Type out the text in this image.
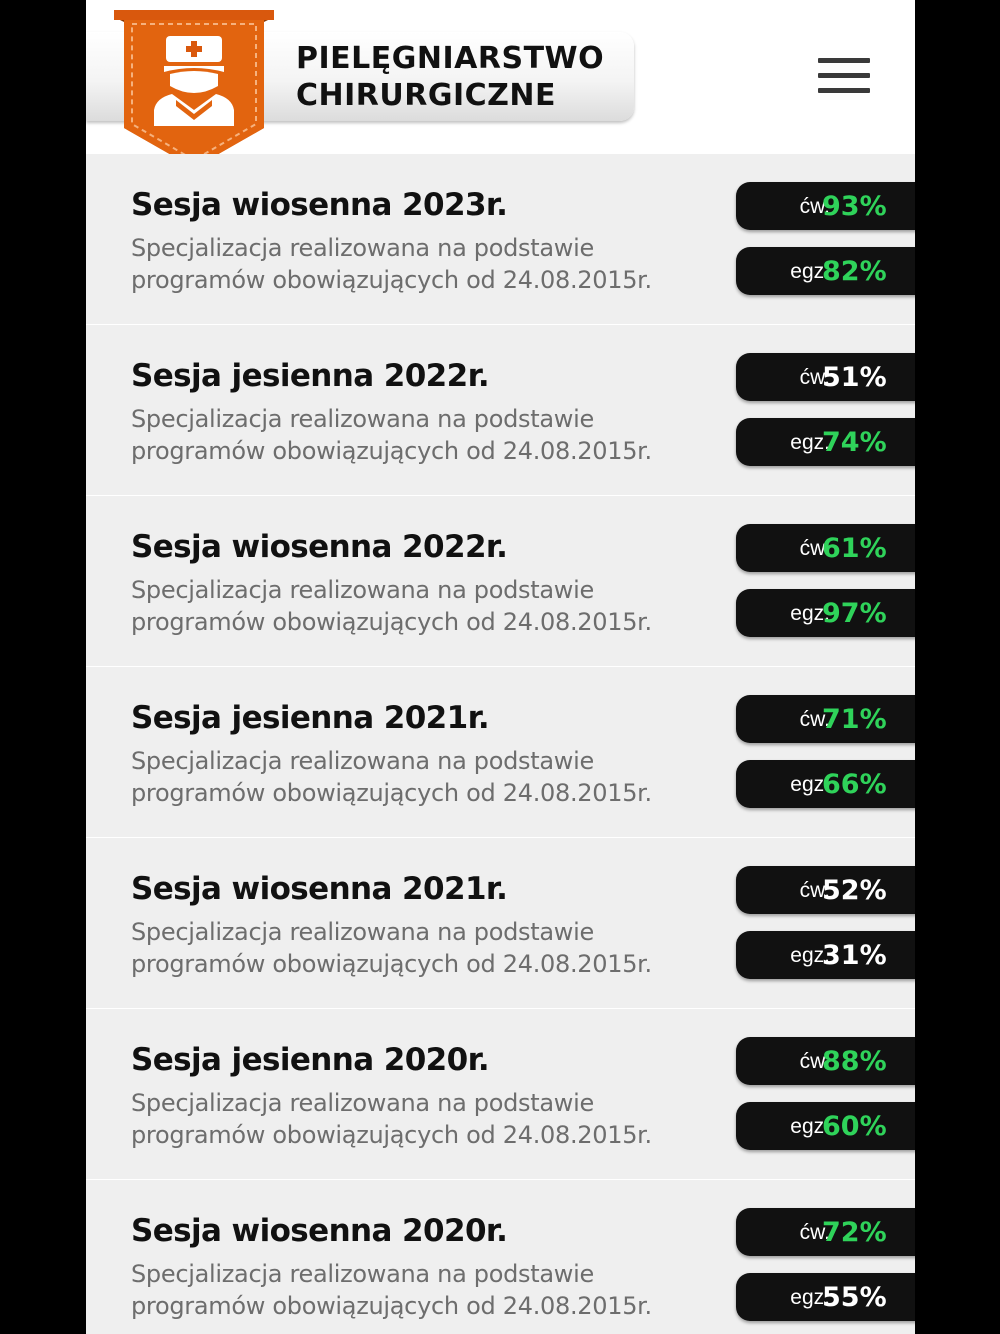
PIELĘGNIARSTWO
CHIRURGICZNE
Sesja wiosenna 2023r.

Specjalizacja realizowana na podstawie programów obowiązujących od 24.08.2015r.

ćw.
93%
egz.
82%
Sesja jesienna 2022r.

Specjalizacja realizowana na podstawie programów obowiązujących od 24.08.2015r.

ćw.
51%
egz.
74%
Sesja wiosenna 2022r.

Specjalizacja realizowana na podstawie programów obowiązujących od 24.08.2015r.

ćw.
61%
egz.
97%
Sesja jesienna 2021r.

Specjalizacja realizowana na podstawie programów obowiązujących od 24.08.2015r.

ćw.
71%
egz.
66%
Sesja wiosenna 2021r.

Specjalizacja realizowana na podstawie programów obowiązujących od 24.08.2015r.

ćw.
52%
egz.
31%
Sesja jesienna 2020r.

Specjalizacja realizowana na podstawie programów obowiązujących od 24.08.2015r.

ćw.
88%
egz.
60%
Sesja wiosenna 2020r.

Specjalizacja realizowana na podstawie programów obowiązujących od 24.08.2015r.

ćw.
72%
egz.
55%
